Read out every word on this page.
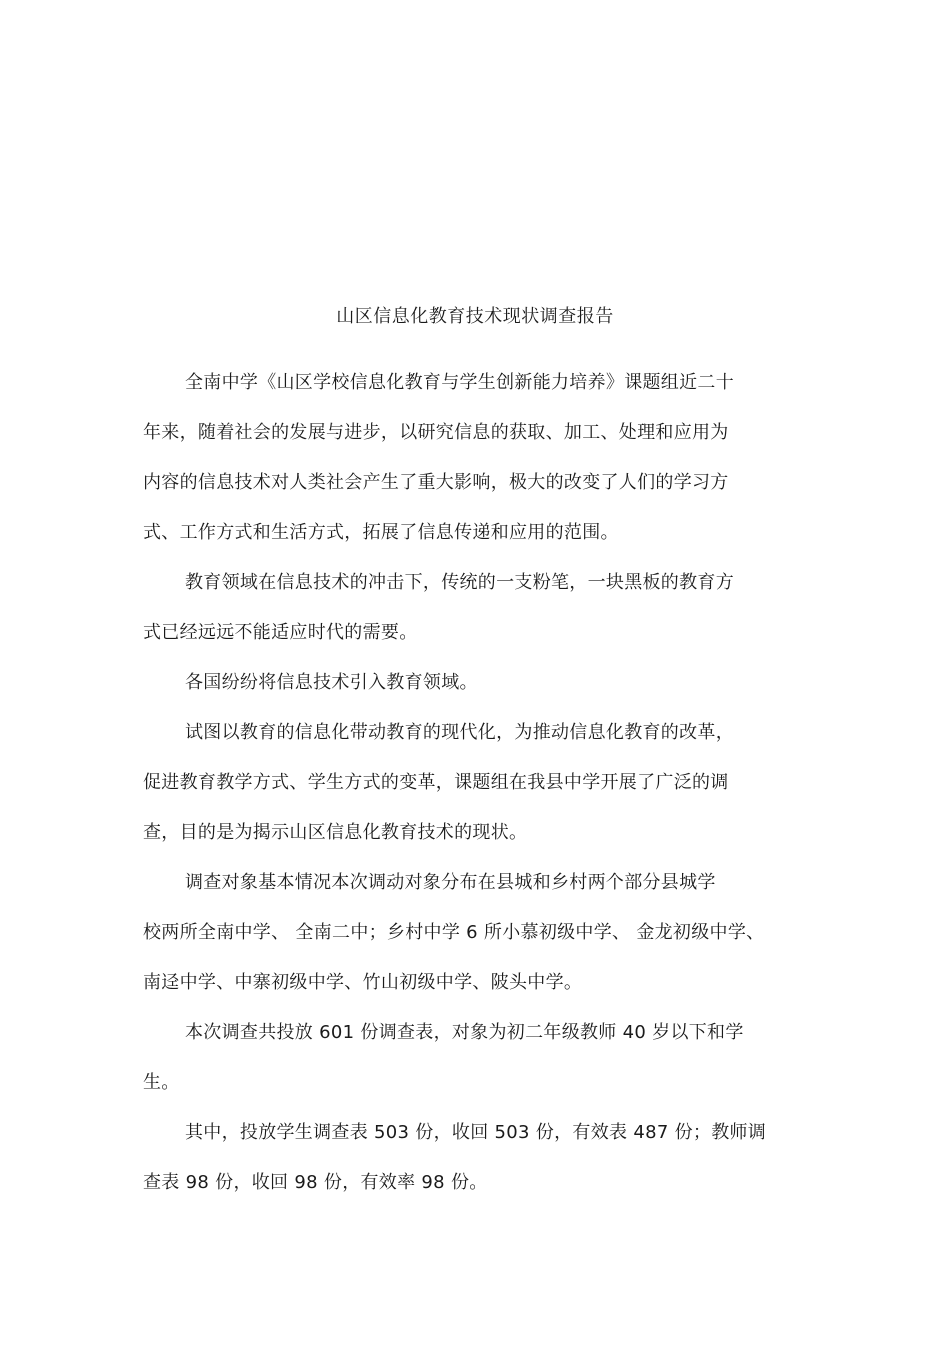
山区信息化教育技术现状调查报告
全南中学《山区学校信息化教育与学生创新能力培养》课题组近二十
年来，随着社会的发展与进步，以研究信息的获取、加工、处理和应用为
内容的信息技术对人类社会产生了重大影响，极大的改变了人们的学习方
式、工作方式和生活方式，拓展了信息传递和应用的范围。
教育领域在信息技术的冲击下，传统的一支粉笔，一块黑板的教育方
式已经远远不能适应时代的需要。
各国纷纷将信息技术引入教育领域。
试图以教育的信息化带动教育的现代化，为推动信息化教育的改革，
促进教育教学方式、学生方式的变革，课题组在我县中学开展了广泛的调
查，目的是为揭示山区信息化教育技术的现状。
调查对象基本情况本次调动对象分布在县城和乡村两个部分县城学
校两所全南中学、 全南二中；乡村中学 6 所小慕初级中学、 金龙初级中学、
南迳中学、中寨初级中学、竹山初级中学、陂头中学。
本次调查共投放 601 份调查表，对象为初二年级教师 40 岁以下和学
生。
其中，投放学生调查表 503 份，收回 503 份，有效表 487 份；教师调
查表 98 份，收回 98 份，有效率 98 份。
